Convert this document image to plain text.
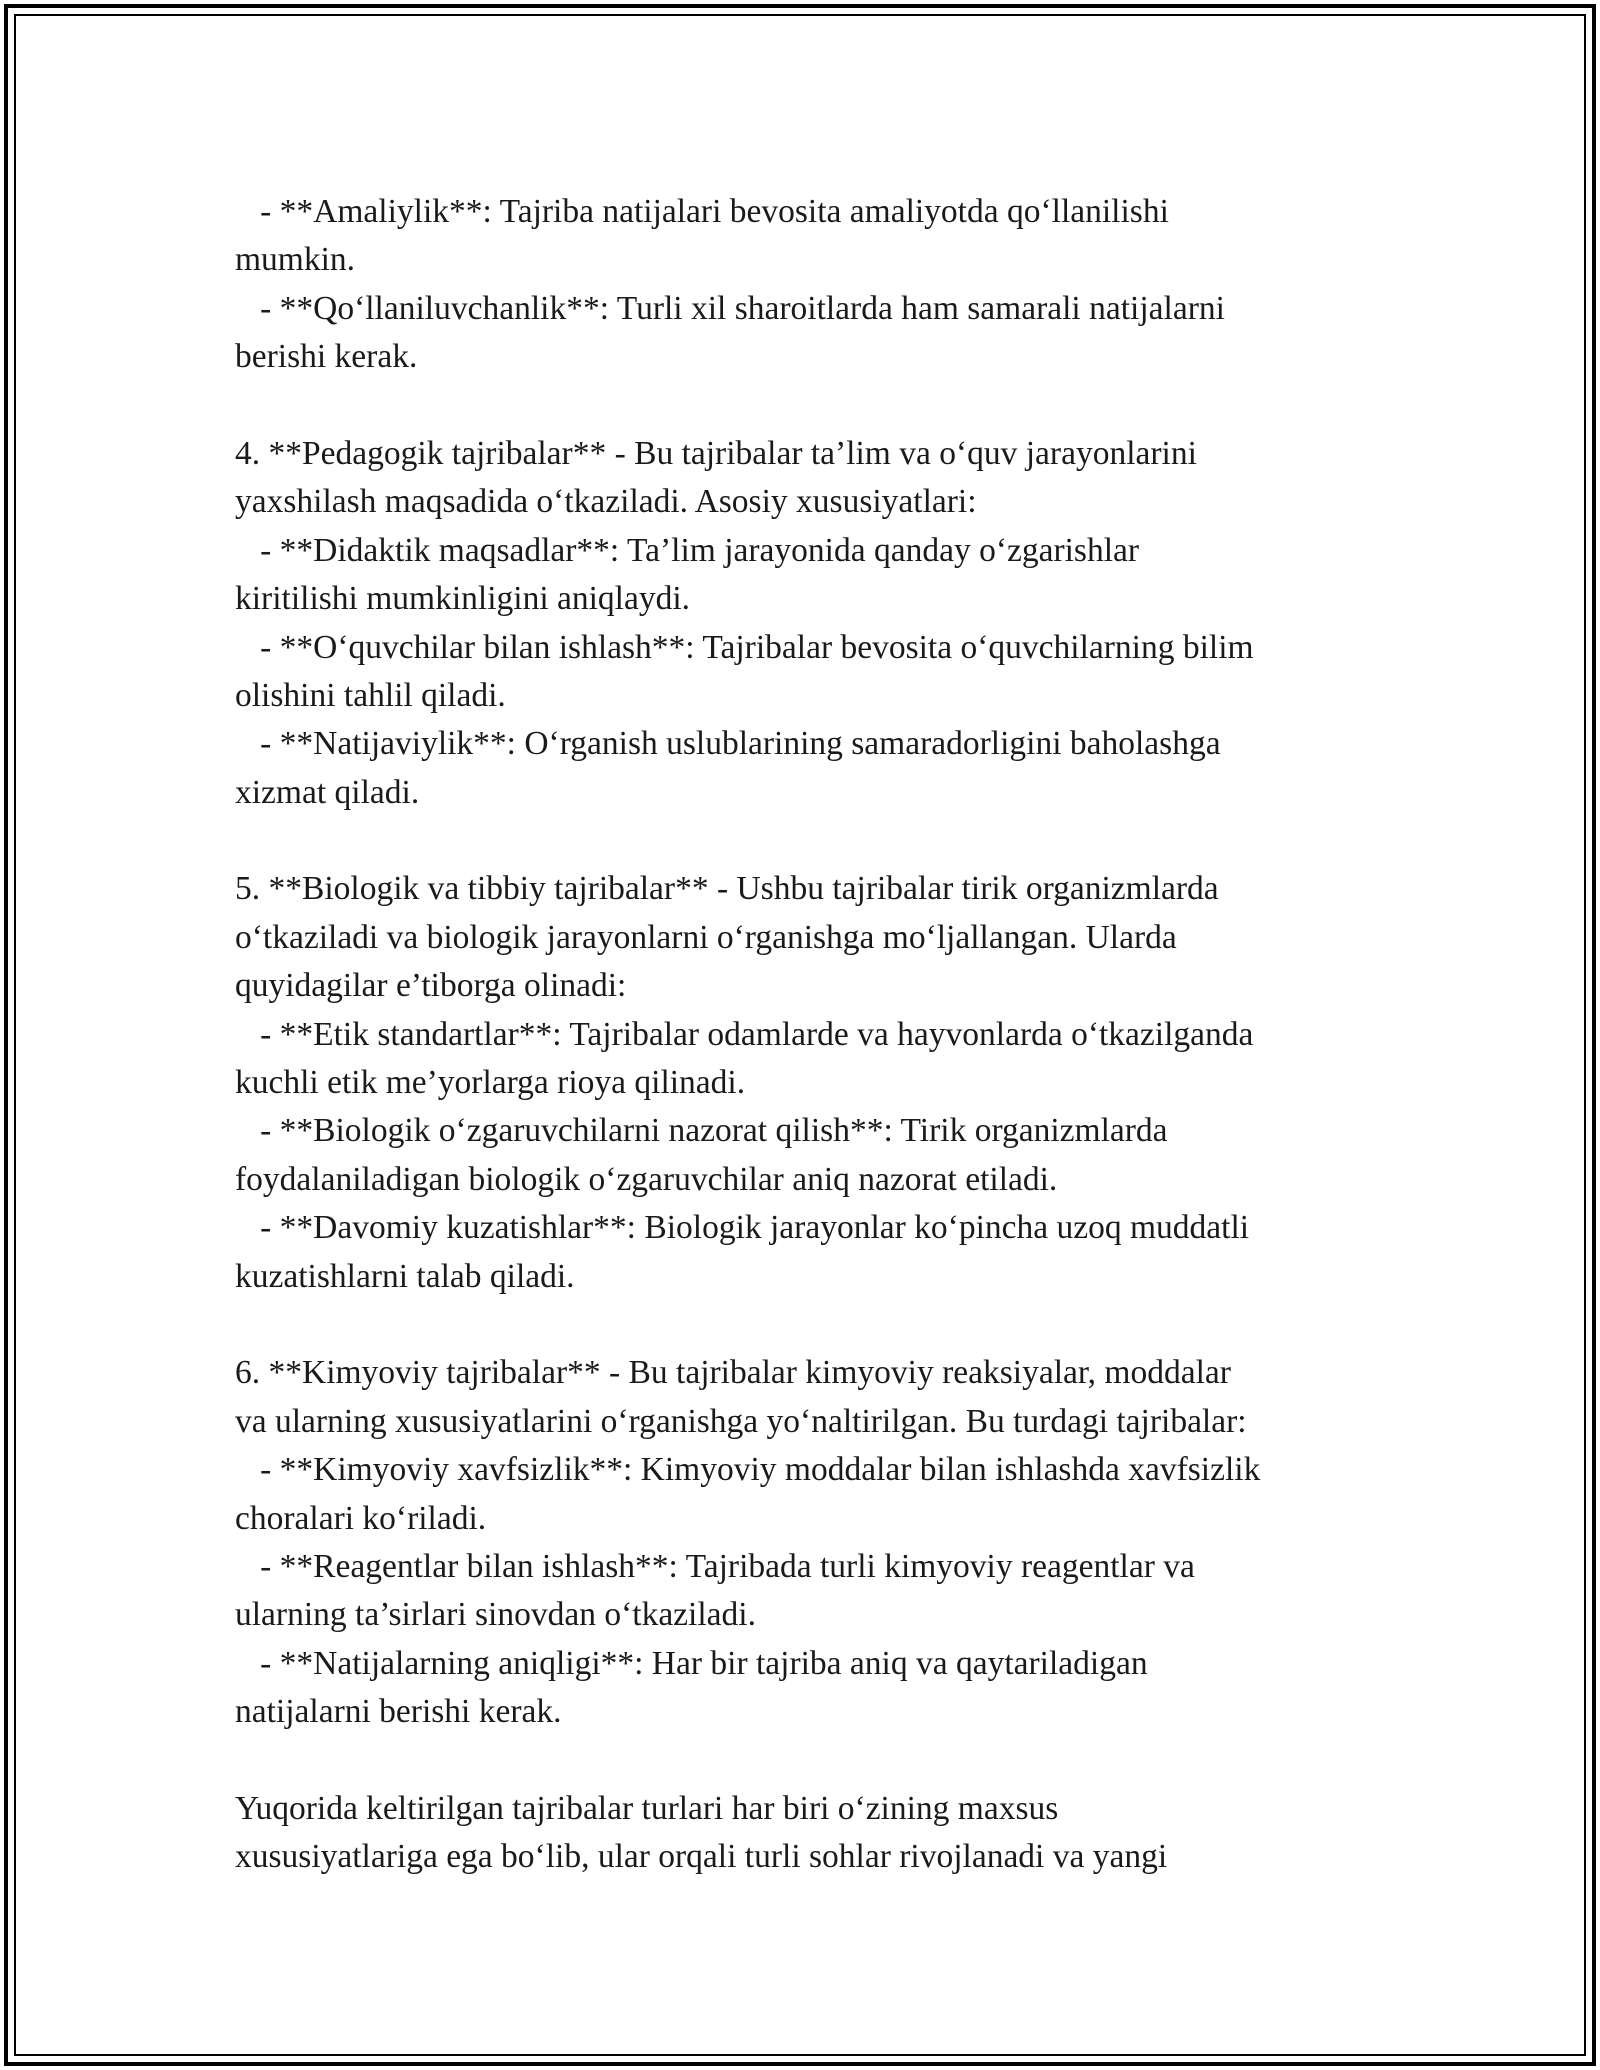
- **Amaliylik**: Tajriba natijalari bevosita amaliyotda qo‘llanilishi
mumkin.
- **Qo‘llaniluvchanlik**: Turli xil sharoitlarda ham samarali natijalarni
berishi kerak.
4. **Pedagogik tajribalar** - Bu tajribalar ta’lim va o‘quv jarayonlarini
yaxshilash maqsadida o‘tkaziladi. Asosiy xususiyatlari:
- **Didaktik maqsadlar**: Ta’lim jarayonida qanday o‘zgarishlar
kiritilishi mumkinligini aniqlaydi.
- **O‘quvchilar bilan ishlash**: Tajribalar bevosita o‘quvchilarning bilim
olishini tahlil qiladi.
- **Natijaviylik**: O‘rganish uslublarining samaradorligini baholashga
xizmat qiladi.
5. **Biologik va tibbiy tajribalar** - Ushbu tajribalar tirik organizmlarda
o‘tkaziladi va biologik jarayonlarni o‘rganishga mo‘ljallangan. Ularda
quyidagilar e’tiborga olinadi:
- **Etik standartlar**: Tajribalar odamlarde va hayvonlarda o‘tkazilganda
kuchli etik me’yorlarga rioya qilinadi.
- **Biologik o‘zgaruvchilarni nazorat qilish**: Tirik organizmlarda
foydalaniladigan biologik o‘zgaruvchilar aniq nazorat etiladi.
- **Davomiy kuzatishlar**: Biologik jarayonlar ko‘pincha uzoq muddatli
kuzatishlarni talab qiladi.
6. **Kimyoviy tajribalar** - Bu tajribalar kimyoviy reaksiyalar, moddalar
va ularning xususiyatlarini o‘rganishga yo‘naltirilgan. Bu turdagi tajribalar:
- **Kimyoviy xavfsizlik**: Kimyoviy moddalar bilan ishlashda xavfsizlik
choralari ko‘riladi.
- **Reagentlar bilan ishlash**: Tajribada turli kimyoviy reagentlar va
ularning ta’sirlari sinovdan o‘tkaziladi.
- **Natijalarning aniqligi**: Har bir tajriba aniq va qaytariladigan
natijalarni berishi kerak.
Yuqorida keltirilgan tajribalar turlari har biri o‘zining maxsus
xususiyatlariga ega bo‘lib, ular orqali turli sohlar rivojlanadi va yangi
